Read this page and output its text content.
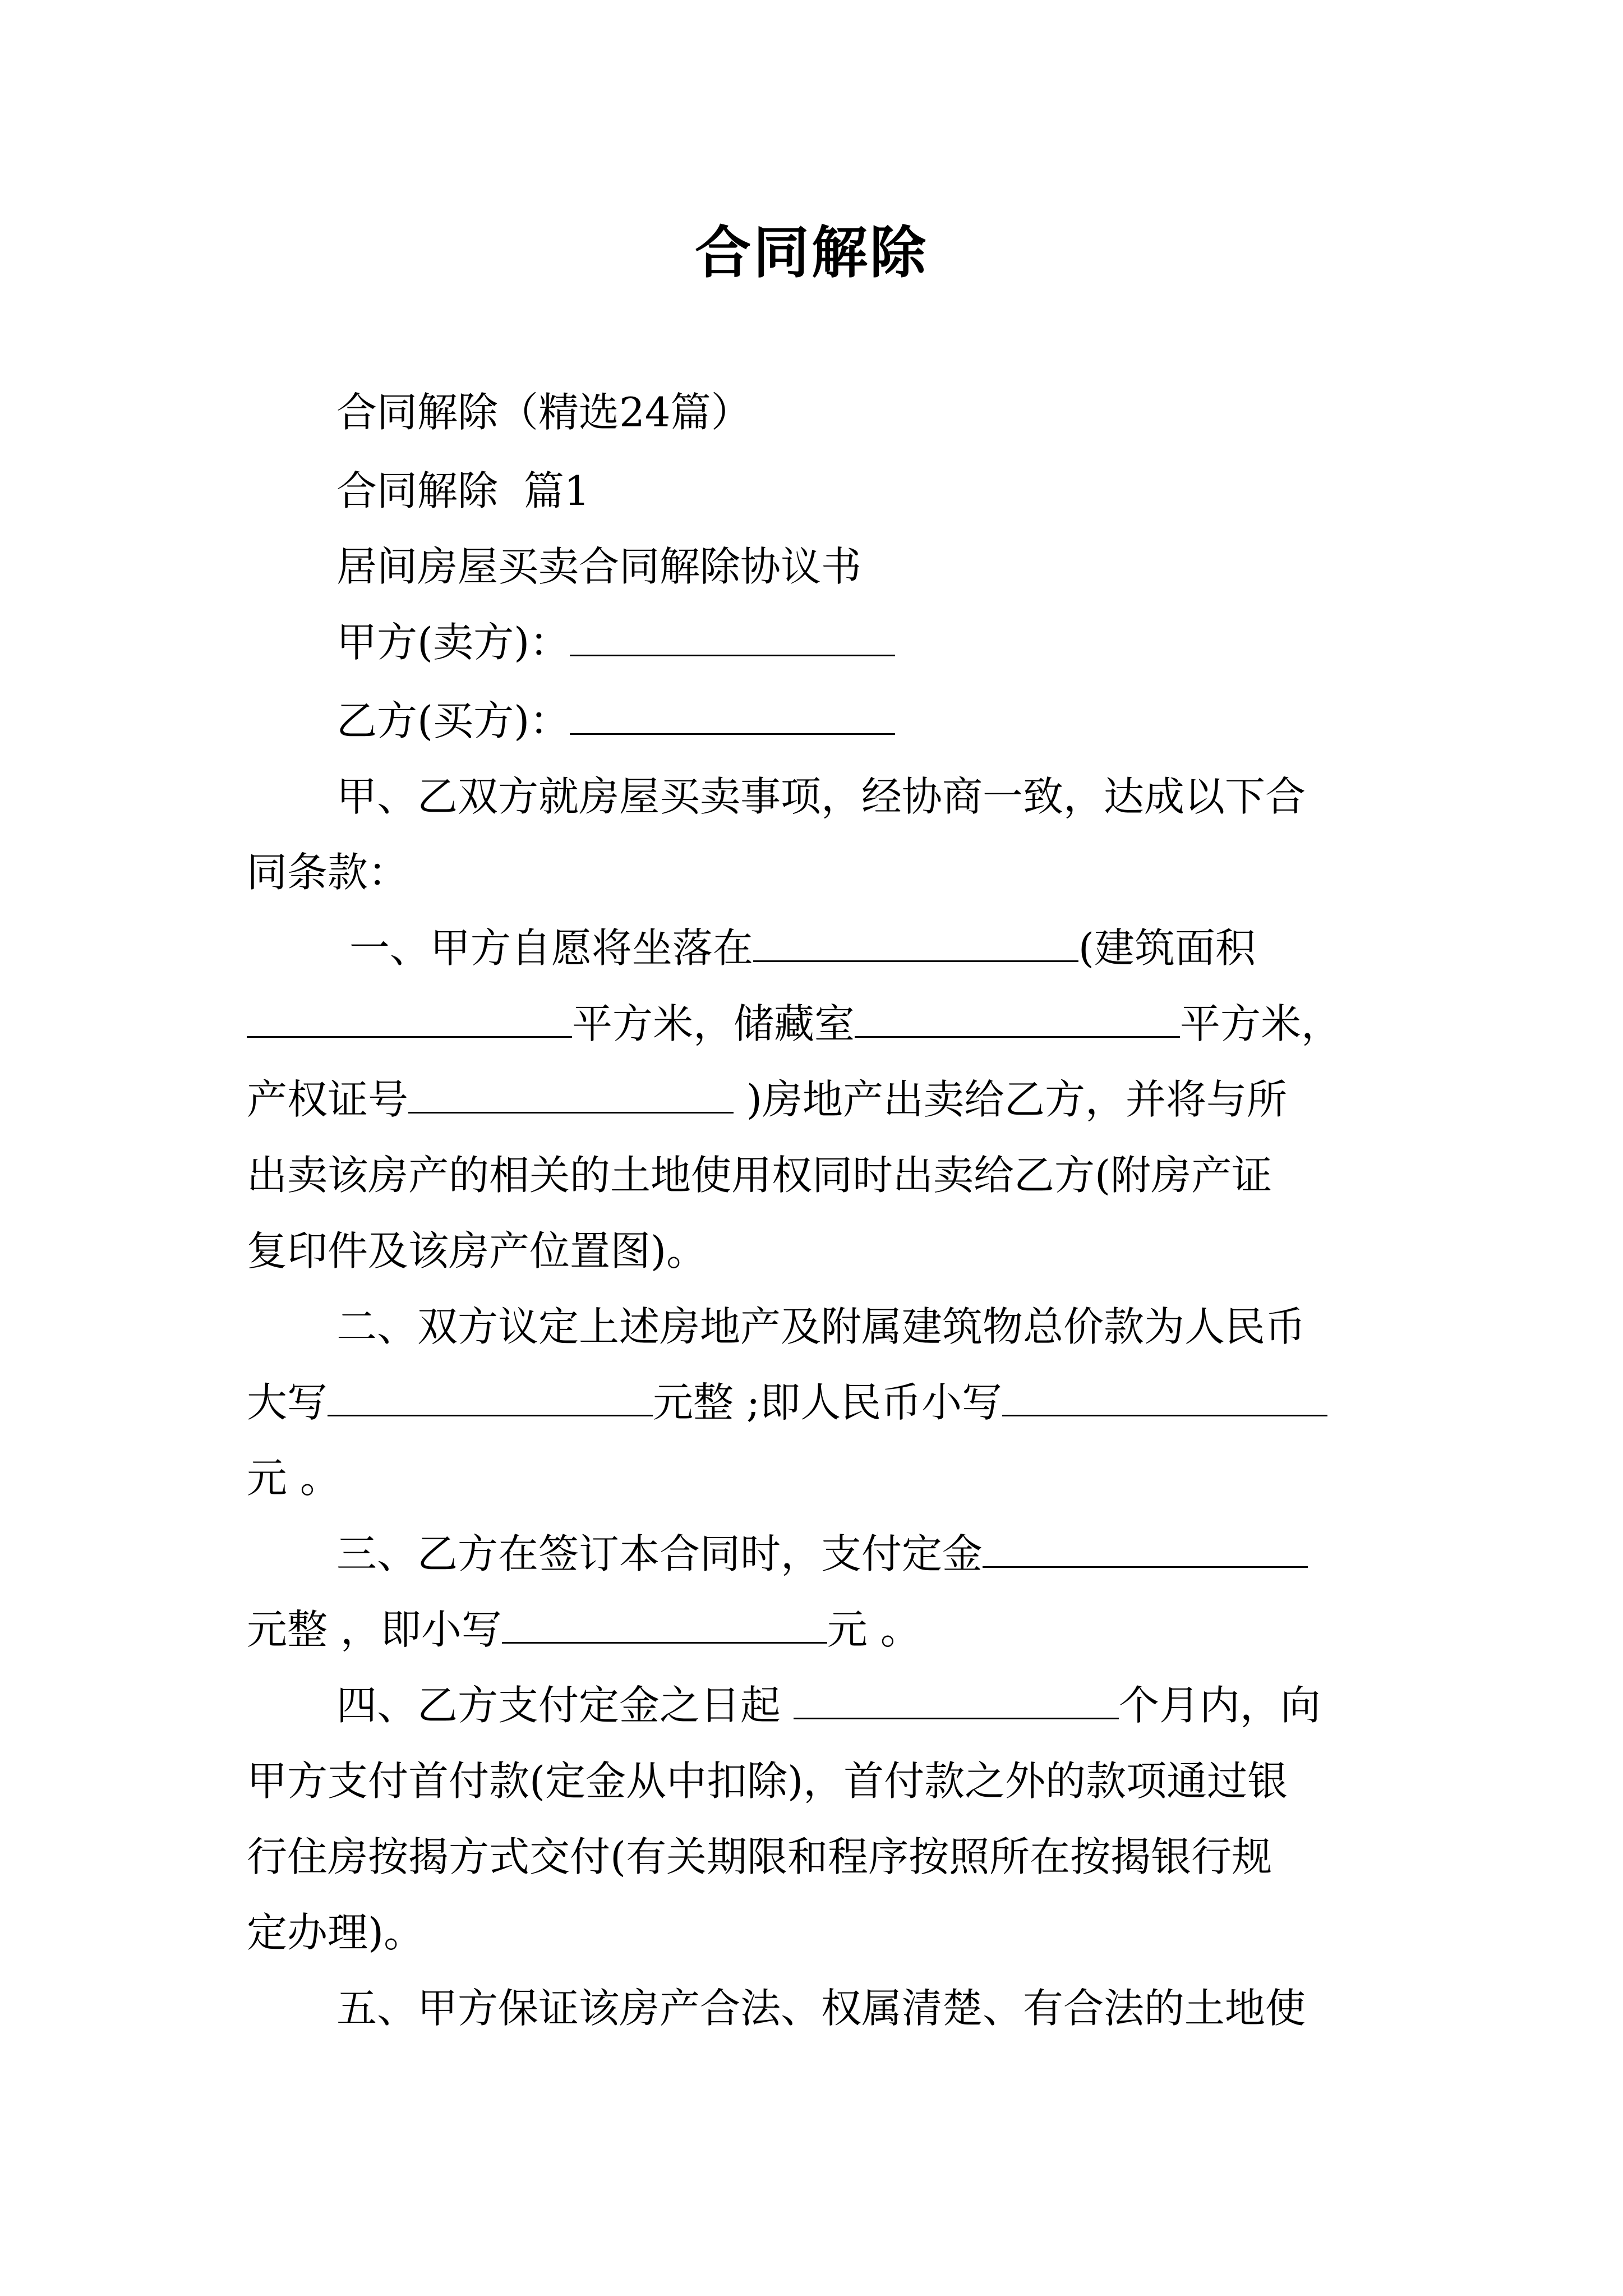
合同解除
合同解除（精选24篇）
合同解除  篇1
居间房屋买卖合同解除协议书
甲方(卖方)：
乙方(买方)：
甲、乙双方就房屋买卖事项，经协商一致，达成以下合
同条款：
一、甲方自愿将坐落在	(建筑面积
平方米，储藏室	平方米，
产权证号	)房地产出卖给乙方，并将与所
出卖该房产的相关的土地使用权同时出卖给乙方(附房产证
复印件及该房产位置图)。
二、双方议定上述房地产及附属建筑物总价款为人民币
大写	元整 ;即人民币小写
元 。
三、乙方在签订本合同时，支付定金
元整 ，即小写	元 。
四、乙方支付定金之日起	个月内，向
甲方支付首付款(定金从中扣除)，首付款之外的款项通过银
行住房按揭方式交付(有关期限和程序按照所在按揭银行规
定办理)。
五、甲方保证该房产合法、权属清楚、有合法的土地使
